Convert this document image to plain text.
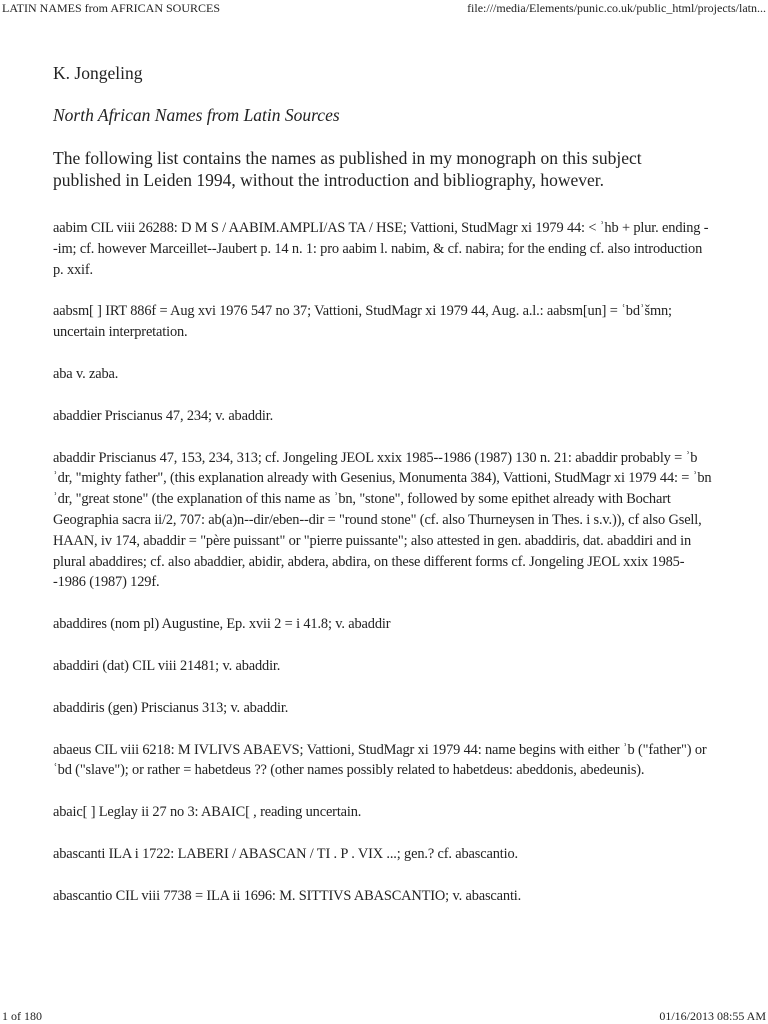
LATIN NAMES from AFRICAN SOURCES	file:///media/Elements/punic.co.uk/public_html/projects/latn...
K. Jongeling
North African Names from Latin Sources
The following list contains the names as published in my monograph on this subject published in Leiden 1994, without the introduction and bibliography, however.
aabim CIL viii 26288: D M S / AABIM.AMPLI/AS TA / HSE; Vattioni, StudMagr xi 1979 44: < ʾhb + plur. ending --im; cf. however Marceillet--Jaubert p. 14 n. 1: pro aabim l. nabim, & cf. nabira; for the ending cf. also introduction p. xxif.
aabsm[ ] IRT 886f = Aug xvi 1976 547 no 37; Vattioni, StudMagr xi 1979 44, Aug. a.l.: aabsm[un] = ʿbdʾšmn; uncertain interpretation.
aba v. zaba.
abaddier Priscianus 47, 234; v. abaddir.
abaddir Priscianus 47, 153, 234, 313; cf. Jongeling JEOL xxix 1985--1986 (1987) 130 n. 21: abaddir probably = ʾb ʾdr, "mighty father", (this explanation already with Gesenius, Monumenta 384), Vattioni, StudMagr xi 1979 44: = ʾbn ʾdr, "great stone" (the explanation of this name as ʾbn, "stone", followed by some epithet already with Bochart Geographia sacra ii/2, 707: ab(a)n--dir/eben--dir = "round stone" (cf. also Thurneysen in Thes. i s.v.)), cf also Gsell, HAAN, iv 174, abaddir = "père puissant" or "pierre puissante"; also attested in gen. abaddiris, dat. abaddiri and in plural abaddires; cf. also abaddier, abidir, abdera, abdira, on these different forms cf. Jongeling JEOL xxix 1985--1986 (1987) 129f.
abaddires (nom pl) Augustine, Ep. xvii 2 = i 41.8; v. abaddir
abaddiri (dat) CIL viii 21481; v. abaddir.
abaddiris (gen) Priscianus 313; v. abaddir.
abaeus CIL viii 6218: M IVLIVS ABAEVS; Vattioni, StudMagr xi 1979 44: name begins with either ʾb ("father") or ʿbd ("slave"); or rather = habetdeus ?? (other names possibly related to habetdeus: abeddonis, abedeunis).
abaic[ ] Leglay ii 27 no 3: ABAIC[ , reading uncertain.
abascanti ILA i 1722: LABERI / ABASCAN / TI . P . VIX ...; gen.? cf. abascantio.
abascantio CIL viii 7738 = ILA ii 1696: M. SITTIVS ABASCANTIO; v. abascanti.
1 of 180	01/16/2013 08:55 AM
